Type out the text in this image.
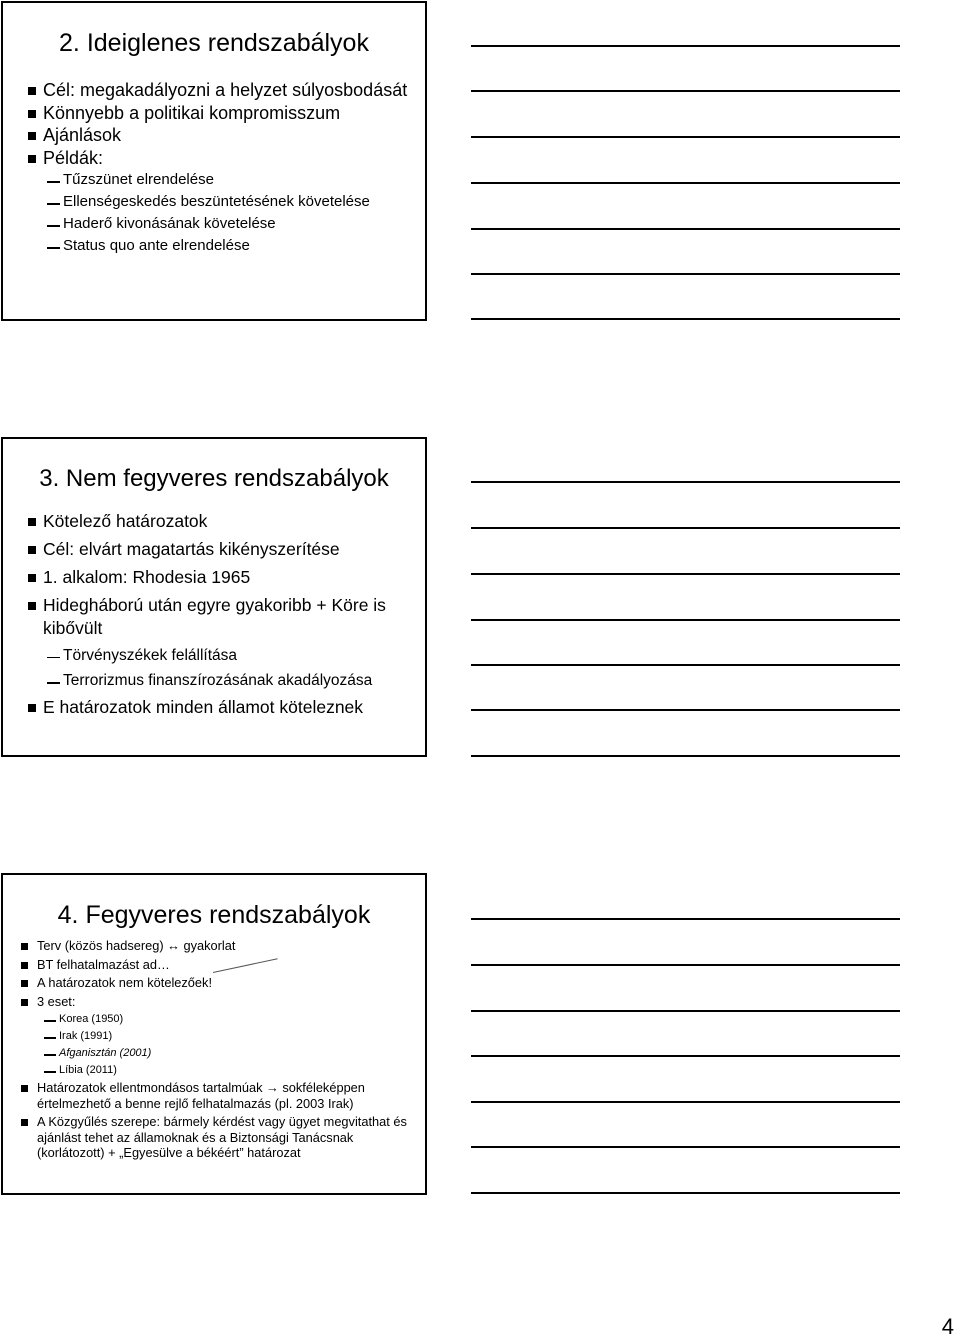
2. Ideiglenes rendszabályok
Cél: megakadályozni a helyzet súlyosbodását
Könnyebb a politikai kompromisszum
Ajánlások
Példák:
Tűzszünet elrendelése
Ellenségeskedés beszüntetésének követelése
Haderő kivonásának követelése
Status quo ante elrendelése
3. Nem fegyveres rendszabályok
Kötelező határozatok
Cél: elvárt magatartás kikényszerítése
1. alkalom: Rhodesia 1965
Hidegháború után egyre gyakoribb + Köre is kibővült
Törvényszékek felállítása
Terrorizmus finanszírozásának akadályozása
E határozatok minden államot köteleznek
4. Fegyveres rendszabályok
Terv (közös hadsereg) ↔ gyakorlat
BT felhatalmazást ad…
A határozatok nem kötelezőek!
3 eset:
Korea (1950)
Irak (1991)
Afganisztán (2001)
Líbia (2011)
Határozatok ellentmondásos tartalmúak → sokféleképpen értelmezhető a benne rejlő felhatalmazás (pl. 2003 Irak)
A Közgyűlés szerepe: bármely kérdést vagy ügyet megvitathat és ajánlást tehet az államoknak és a Biztonsági Tanácsnak (korlátozott) + „Egyesülve a békéért” határozat
4
